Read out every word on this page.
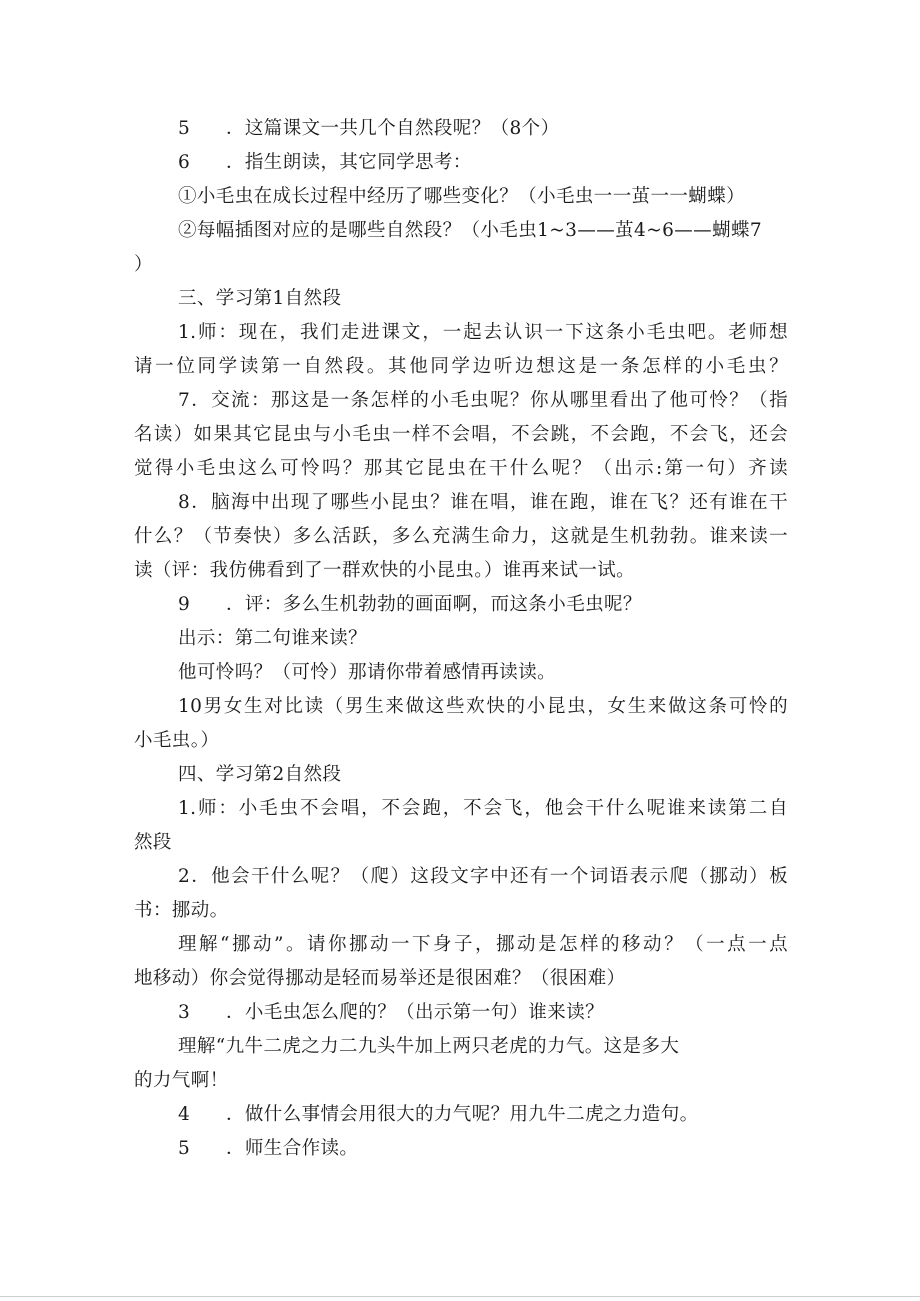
5 ．这篇课文一共几个自然段呢？（8个）
6 ．指生朗读，其它同学思考：
①小毛虫在成长过程中经历了哪些变化？（小毛虫一一茧一一蝴蝶）
②每幅插图对应的是哪些自然段？（小毛虫1~3——茧4~6——蝴蝶7
）
三、学习第1自然段
1.师：现在，我们走进课文，一起去认识一下这条小毛虫吧。老师想
请一位同学读第一自然段。其他同学边听边想这是一条怎样的小毛虫？
7．交流：那这是一条怎样的小毛虫呢？你从哪里看出了他可怜？（指
名读）如果其它昆虫与小毛虫一样不会唱，不会跳，不会跑，不会飞，还会
觉得小毛虫这么可怜吗？那其它昆虫在干什么呢？（出示:第一句）齐读
8．脑海中出现了哪些小昆虫？谁在唱，谁在跑，谁在飞？还有谁在干
什么？（节奏快）多么活跃，多么充满生命力，这就是生机勃勃。谁来读一
读（评：我仿佛看到了一群欢快的小昆虫。）谁再来试一试。
9 ．评：多么生机勃勃的画面啊，而这条小毛虫呢？
出示：第二句谁来读？
他可怜吗？（可怜）那请你带着感情再读读。
10男女生对比读（男生来做这些欢快的小昆虫，女生来做这条可怜的
小毛虫。）
四、学习第2自然段
1.师：小毛虫不会唱，不会跑，不会飞，他会干什么呢谁来读第二自
然段
2．他会干什么呢？（爬）这段文字中还有一个词语表示爬（挪动）板
书：挪动。
理解“挪动”。请你挪动一下身子，挪动是怎样的移动？（一点一点
地移动）你会觉得挪动是轻而易举还是很困难？（很困难）
3 ．小毛虫怎么爬的？（出示第一句）谁来读？
理解“九牛二虎之力二九头牛加上两只老虎的力气。这是多大
的力气啊！
4 ．做什么事情会用很大的力气呢？用九牛二虎之力造句。
5 ．师生合作读。
